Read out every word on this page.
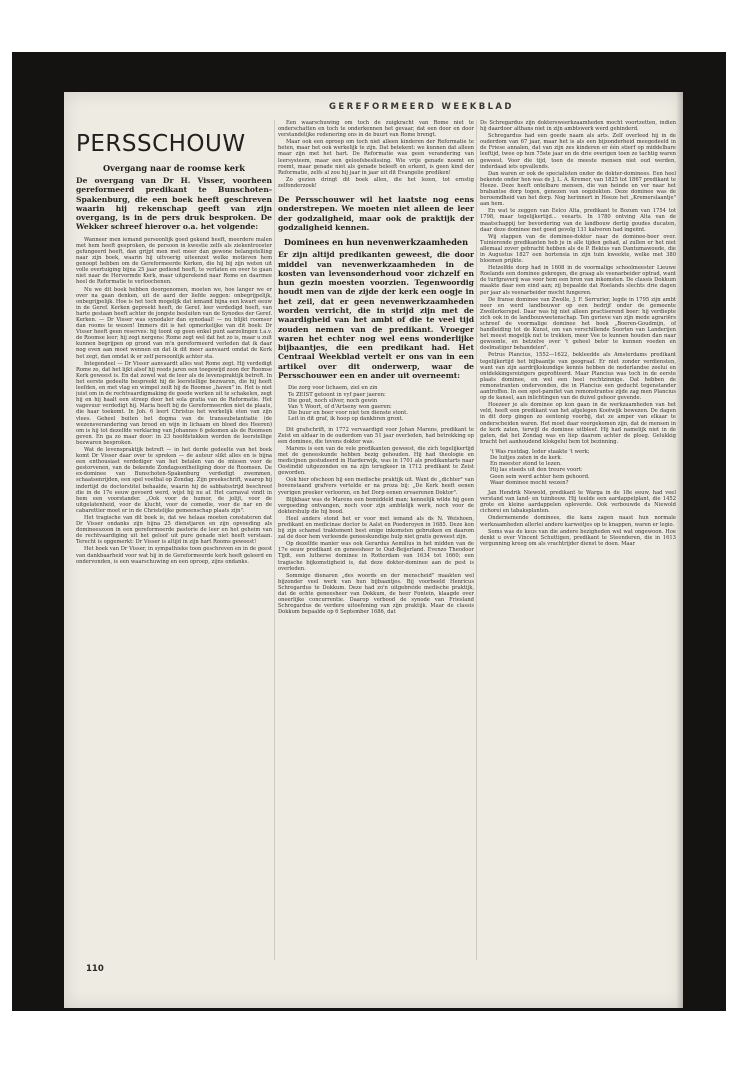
GEREFORMEERD WEEKBLAD
PERSSCHOUW
Overgang naar de roomse kerk

De overgang van Dr H. Visser, voorheen gereformeerd predikant te Bunschoten-Spakenburg, die een boek heeft geschreven waarin hij rekenschap geeft van zijn overgang, is in de pers druk besproken. De Wekker schreef hierover o.a. het volgende:

Wanneer men iemand persoonlijk goed gekend heeft, meerdere malen met hem heeft gesproken, de persoon in kwestie zelfs als ziekentrooster gefungeerd heeft, dan grijpt men met meer dan gewone belangstelling naar zijn boek, waarin hij uitvoerig uiteenzet welke motieven hem genoopt hebben om de Gereformeerde Kerken, die hij bij zijn weten uit volle overtuiging bijna 25 jaar gediend heeft, te verlaten en over te gaan niet naar de Hervormde Kerk, maar uitgerekend naar Rome en daarmee heel de Reformatie te verloochenen.

Nu we dit boek hebben doorgenomen, moeten we, hoe langer we er over na gaan denken, uit de aard der liefde zeggen: onbegrijpelijk, onbegrijpelijk. Hoe is het toch mogelijk dat iemand bijna een kwart eeuw in de Geref. Kerken gepreekt heeft, de Geref. leer verdedigd heeft, van harte gestaan heeft achter de jongste besluiten van de Synodes der Geref. Kerken. — Dr Visser was synodaler dan synodaal! — nu blijkt roomser dan rooms te wezen! Immers dit is het opmerkelijke van dit boek: Dr Visser heeft geen reserves: hij toont op geen enkel punt aarzelingen t.a.v. de Roomse leer; hij zegt nergens: Rome zegt wel dat het zo is, maar u zult kunnen begrijpen op grond van m'n gereformeerd verleden dat ik daar nog even aan moet wennen en dat ik dit meer aanvaard omdat de Kerk het zegt, dan omdat ik er zelf persoonlijk achter sta.

Integendeel — Dr Visser aanvaardt alles wat Rome zegt. Hij verdedigt Rome zo, dat het lijkt alsof hij reeds jaren een toegewijd zoon der Roomse Kerk geweest is. En dat zowel wat de leer als de levenspraktijk betreft. In het eerste gedeelte bespreekt hij de leerstellige bezwaren, die hij heeft leefden, en met vlag en wimpel zeilt hij de Roomse „haven" in. Het is niet juist om in de rechtvaardigmaking de goede werken uit te schakelen, zegt hij en hij haalt een streep door het sola gratia van de Reformatie. Het vagevuur verdedigt hij. Maria heeft bij de Gereformeerden niet de plaats, die haar toekomt. In Joh. 6 leert Christus het werkelijk eten van zijn vlees. Geheel buiten het dogma van de transsubstantiatie (de wezensverandering van brood en wijn in lichaam en bloed des Heeren) om is hij tot dezelfde verklaring van Johannes 6 gekomen als de Roomsen geven. En ga zo maar door: in 23 hoofdstukken worden de leerstellige bezwaren besproken.

Wat de levenspraktijk betreft — in het derde gedeelte van het boek komt Dr Visser daar over te spreken — de auteur slikt alles en is bijna een enthousiast verdediger van het betalen van de missen voor de gestorvenen, van de bekende Zondagsontheiliging door de Roomsen. De ex-dominee van Bunschoten-Spakenburg verdedigt zwemmen, schaatsenrijden, een spel voetbal op Zondag. Zijn preekschrift, waarop hij indertijd de doctorstitel behaalde, waarin hij de sabbatsstrijd beschreef die in de 17e eeuw gevoerd werd, wijst hij nu af. Het carnaval vindt in hem een voorstander. „Ook voor de humor, de jolijt, voor de uitgelatenheid, voor de klucht, voor de comedie, voor de nar en de cabarettier moet er in de Christelijke gemeenschap plaats zijn".

Het tragische van dit boek is, dat we helaas moeten constateren dat Dr Visser ondanks zijn bijna 25 dienstjaren en zijn opvoeding als domineeszoon in een gereformeerde pastorie de leer en het geheim van de rechtvaardiging uit het geloof uit pure genade niet heeft verstaan. Terecht is opgemerkt: Dr Visser is altijd in zijn hart Rooms geweest!

Het boek van Dr Visser, in sympathieke toon geschreven en in de geest van dankbaarheid voor wat hij in de Gereformeerde kerk heeft geleerd en ondervonden, is een waarschuwing en een oproep, zijns ondanks.

Een waarschuwing om toch de zuigkracht van Rome niet te onderschatten en toch te onderkennen het gevaar, dat een door en door verstandelijke redenering ons in de buurt van Rome brengt.

Maar ook een oproep om toch niet alleen kinderen der Reformatie te heten, maar het ook werkelijk te zijn. Dat betekent: we kunnen dat alleen maar zijn met het hart. De Reformatie was geen verandering van leersysteem, maar een geloofsbeslissing. Wie vrije genade noemt en roemt, maar genade niet als genade beleeft en erkent, is geen kind der Reformatie, zelfs al zou hij jaar in jaar uit dit Evangelie prediken!

Zo gezien dringt dit boek allen, die het lezen, tot ernstig zelfonderzoek!

De Persschouwer wil het laatste nog eens onderstrepen. We moeten niet alleen de leer der godzaligheid, maar ook de praktijk der godzaligheid kennen.

Dominees en hun nevenwerkzaamheden

Er zijn altijd predikanten geweest, die door middel van nevenwerkzaamheden in de kosten van levensonderhoud voor zichzelf en hun gezin moesten voorzien. Tegenwoordig houdt men van de zijde der kerk een oogje in het zeil, dat er geen nevenwerkzaamheden worden verricht, die in strijd zijn met de waardigheid van het ambt of die te veel tijd zouden nemen van de predikant. Vroeger waren het echter nog wel eens wonderlijke bijbaantjes, die een predikant had. Het Centraal Weekblad vertelt er ons van in een artikel over dit onderwerp, waar de Persschouwer een en ander uit overneemt:

Die zorg voor lichaem, ziel en zin
Te ZEIST getoont in vyf paer jaeren:
Die gout, noch silver, noch gewin
Van 't Woort, of d'Artseny won gaeren:
Die buur en boer voor niet ten dienste stont.
Leit in dit graf, ik hoop op dankbren gront.

Dit grafschrift, in 1772 vervaardigd voor Johan Marens, predikant te Zeist en aldaar in de ouderdom van 51 jaar overleden, had betrekking op een dominee, die tevens dokter was.

Marens is een van de vele predikanten geweest, die zich tegelijkertijd met de geneeskunde hebben bezig gehouden. Hij had theologie en medicijnen gestudeerd in Harderwijk, was in 1701 als predikantarts naar Oostindië uitgezonden en na zijn terugkeer in 1712 predikant te Zeist geworden.

Ook hier ofschoon hij een medische praktijk uit. Want de „dichter" van bovenstaand grafvers vertelde er na proza bij: „De Kerk heeft eenen yverigen preeker verlooren, en het Dorp eenen ervaerenen Doktor".

Blijkbaar was de Marens een bemiddeld man; kennelijk wilde hij geen vergoeding ontvangen, noch voor zijn ambtelijk werk, noch voor de doktershulp die hij bood.

Heel anders stond het er voor met iemand als ds N. Weishoen, predikant en medicinae doctor te Aalst en Poederoyen in 1685. Deze kon bij zijn schamel traktement best enige inkomsten gebruiken en daarom zal de door hem verleende geneeskundige hulp niet gratis geweest zijn.

Op dezelfde manier was ook Gerardus Aemilius in het midden van de 17e eeuw predikant en geneesheer te Oud-Beijerland. Evenzo Theodoor Tijdt, een lutherse dominee in Rotterdam van 1634 tot 1660; een tragische bijkomstigheid is, dat deze dokter-dominee aan de pest is overleden.

Sommige dienaren „des woords en der menscheid" maakten wel bijzonder veel werk van hun bijbaantjes. Bij voorbeeld Henricus Schregardus te Dokkum. Deze had zo'n uitgebreide medische praktijk, dat de echte geneesheer van Dokkum, de heer Fontein, klaagde over oneerlijke concurrentie. Daarop verbood de synode van Friesland Schregardus de verdere uitoefening van zijn praktijk. Maar de classis Dokkum bepaalde op 6 September 1686, dat

Ds Schregardus zijn doktersweerkzaamheden mocht voortzetten, indien hij daardoor althans niet in zijn ambtswerk werd gehinderd.

Schregardus had een goede naam als arts. Zelf overleed hij in de ouderdom van 67 jaar, maar het is als een bijzonderheid meegedeeld in de Friese annalen, dat van zijn zes kinderen er één stierf op middelbare leeftijd, twee op hun 75ste jaar en de drie overigen toen ze tachtig waren geweest. Voor die tijd, toen de meeste mensen niet oud werden, inderdaad iets opvallends.

Dan waren er ook de specialisten onder de dokter-dominees. Een heel bekende onder hen was ds J. L. A. Kremer, van 1825 tot 1867 predikant te Heeze. Deze heeft ontelbare mensen, die van heinde en ver naar het brabantse dorp togen, genezen van oogziekten. Deze dominee was de beroemdheid van het dorp. Nog herinnert in Heeze het „Kremerslaantje" aan hem.

En wat te zeggen van Eelco Alta, predikant te Bozum van 1754 tot 1798, maar tegelijkertijd... veearts. In 1780 ontving Alta van de maatschappij ter bevordering van de landbouw dertig goudes ducaten, daar deze dominee met goed gevolg 131 kalveren had ingeënt.

Wij stappen van de dominee-dokter naar de dominee-boer over. Tuinierende predikanten heb je in alle tijden gehad, al zullen er het niet allemaal zover gebracht hebben als de P. Bekius van Dantumawoude, die in Augustus 1827 een hortensia in zijn tuin kweekte, welke met 380 bloemen prijkte.

Hetzelfde dorp had in 1608 in de voormalige schoolmeester Lieuwe Roelands een dominee gekregen, die graag als veenarbeider optrad, want de turfgraverij was voor hem een bron van inkomsten. De classis Dokkum maakte daar een eind aan; zij bepaalde dat Roelands slechts drie dagen per jaar als veenarbeider mocht fungeren.

De franse dominee van Zwolle, J. F. Serrurier, legde in 1795 zijn ambt neer en werd landbouwer op een bedrijf onder de gemeente Zwollerkerspel. Daar was hij niet alleen practiserend boer: hij verdiepte zich ook in de landbouwwetenschap. Ten gerieve van zijn mede agrariërs schreef de voormalige dominee het boek „Boeren-Goudmijn, of handleiding tot de Kunst, om van verschillende Soorten van Landerijen het meest mogelijk nut te trekken, meer Vee te kunnen houden dan naar gewoonte, en betzelve over 't geheel beter te kunnen voeden en doelmatiger behandelen".

Petrus Plancius, 1552—1622, bekleedde als Amsterdams predikant tegelijkertijd het bijbaantje van geograaf. Er niet zonder verdiensten, want van zijn aardrijkskundige kennis hebben de nederlandse zeelui en ontdekkingsreizigers geprofiteerd. Maar Plancius was toch in de eerste plaats dominee, en wel een heel rechtzinnige. Dat hebben de remonstranten ondervonden, die in Plancius een geducht tegenstander aantroffen. In een spot-pamflet van remonstrantse zijde zag men Plancius op de kansel, aan inlichtingen van de duivel gehoor gevende.

Hoezeer je als dominee op kon gaan in de werkzaamheden van het veld, heeft een predikant van het afgelegen Kootwijk bewezen. De dagen in dit dorp gingen zo eentonig voorbij, dat ze amper van elkaar te onderscheiden waren. Het moet daar voorgekomen zijn, dat de mensen in de kerk zaten, terwijl de dominee uitbleef. Hij had namelijk niet in de gaten, dat het Zondag was en liep daarom achter de ploeg. Gelukkig bracht het aanhoudend klokgelui hem tot bezinning.

't Was rustdag. Ieder staakte 't werk;
De luitjes zaten in de kerk.
En meester stond te lezen.
Hij las steeds uit den treure voort:
Geen sein werd achter hem gehoord.
Waar dominee mocht wezen?

Jan Hendrik Niewold, predikant te Warga in de 18e eeuw, had veel verstand van land- en tuinbouw. Hij teelde een aardappelplant, die 1452 grote en kleine aardappelen opleverde. Ook verbouwde ds Niewold cichorei en tabaksplanten.

Ondernemende dominees, die kans zagen naast hun normale werkzaamheden allerlei andere karweitjes op te knappen, waren er legio.

Soms was de keus van die andere bezigheden wel wat ongewoon. Hoe denkt u over Vincent Schuttigen, predikant te Steenderen, die in 1613 vergunning kreeg om als vrachtrijder dienst te doen. Maar

110
